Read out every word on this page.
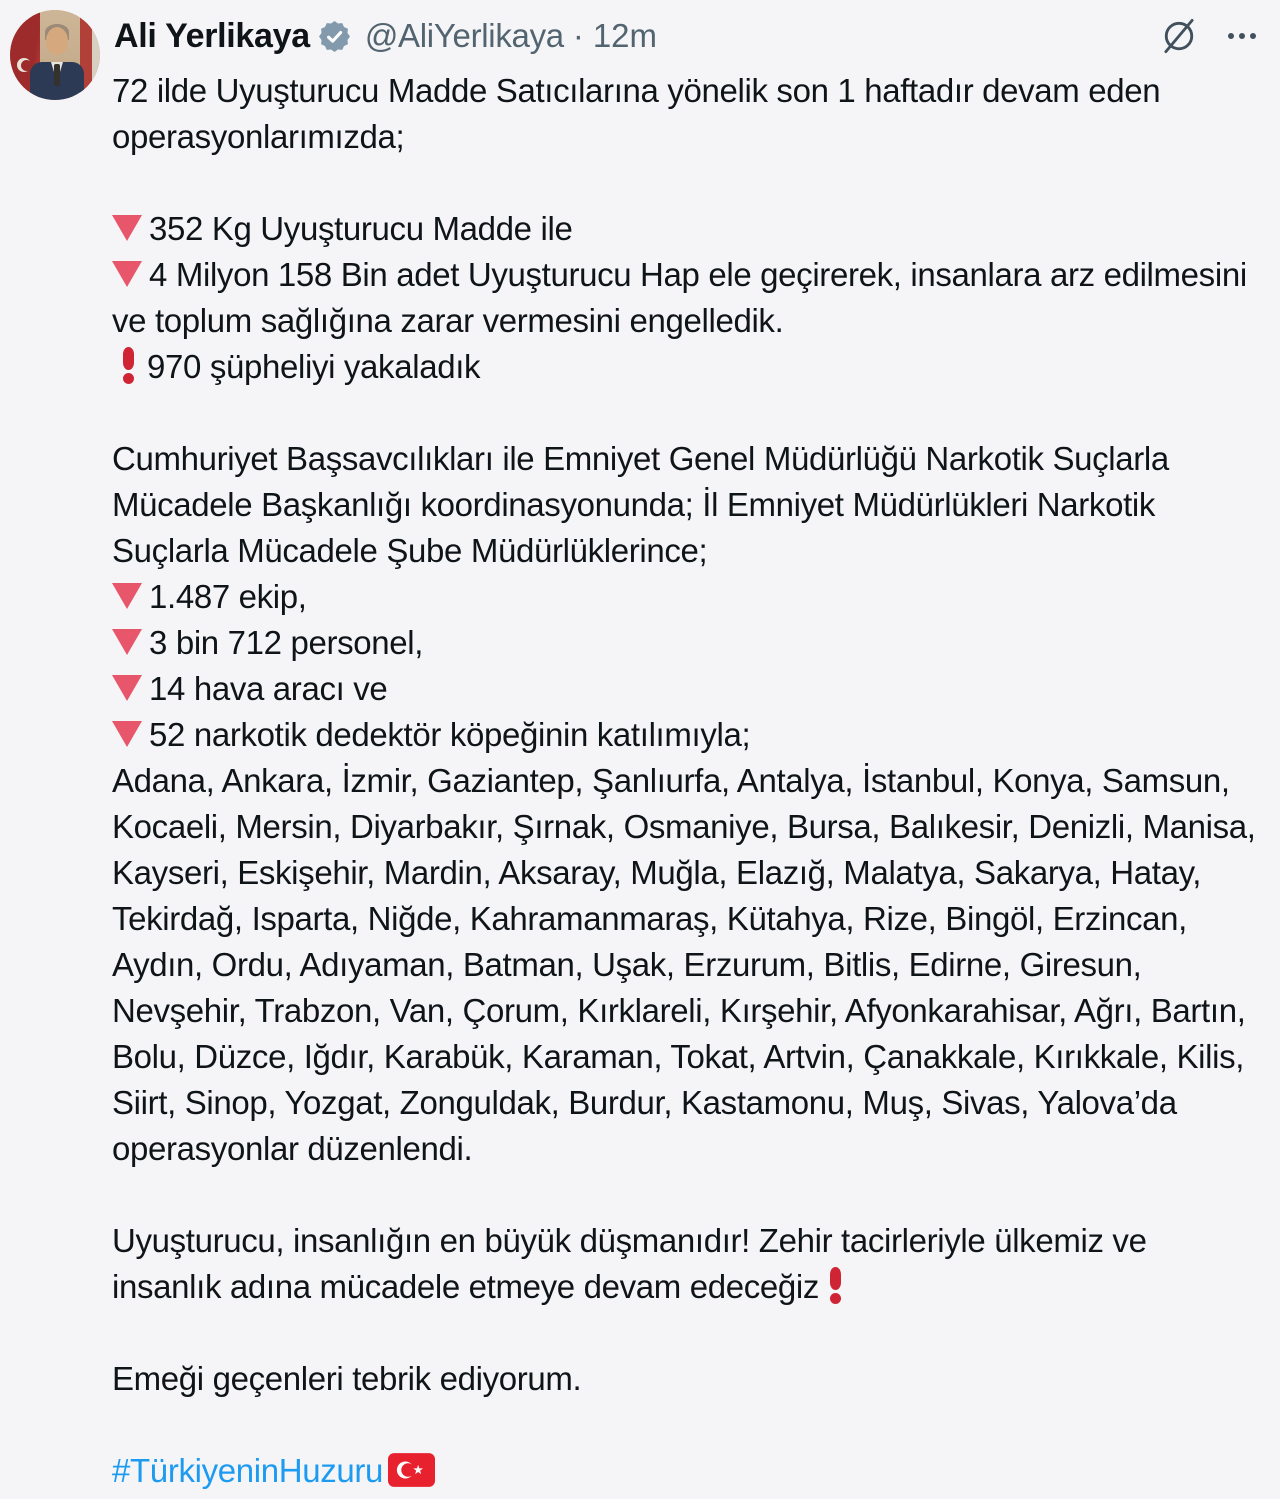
Ali Yerlikaya @AliYerlikaya · 12m
72 ilde Uyuşturucu Madde Satıcılarına yönelik son 1 haftadır devam eden operasyonlarımızda;
352 Kg Uyuşturucu Madde ile
4 Milyon 158 Bin adet Uyuşturucu Hap ele geçirerek, insanlara arz edilmesini ve toplum sağlığına zarar vermesini engelledik.
970 şüpheliyi yakaladık
Cumhuriyet Başsavcılıkları ile Emniyet Genel Müdürlüğü Narkotik Suçlarla Mücadele Başkanlığı koordinasyonunda; İl Emniyet Müdürlükleri Narkotik Suçlarla Mücadele Şube Müdürlüklerince;
1.487 ekip,
3 bin 712 personel,
14 hava aracı ve
52 narkotik dedektör köpeğinin katılımıyla;
Adana, Ankara, İzmir, Gaziantep, Şanlıurfa, Antalya, İstanbul, Konya, Samsun, Kocaeli, Mersin, Diyarbakır, Şırnak, Osmaniye, Bursa, Balıkesir, Denizli, Manisa, Kayseri, Eskişehir, Mardin, Aksaray, Muğla, Elazığ, Malatya, Sakarya, Hatay, Tekirdağ, Isparta, Niğde, Kahramanmaraş, Kütahya, Rize, Bingöl, Erzincan, Aydın, Ordu, Adıyaman, Batman, Uşak, Erzurum, Bitlis, Edirne, Giresun, Nevşehir, Trabzon, Van, Çorum, Kırklareli, Kırşehir, Afyonkarahisar, Ağrı, Bartın, Bolu, Düzce, Iğdır, Karabük, Karaman, Tokat, Artvin, Çanakkale, Kırıkkale, Kilis, Siirt, Sinop, Yozgat, Zonguldak, Burdur, Kastamonu, Muş, Sivas, Yalova’da operasyonlar düzenlendi.
Uyuşturucu, insanlığın en büyük düşmanıdır! Zehir tacirleriyle ülkemiz ve insanlık adına mücadele etmeye devam edeceğiz
Emeği geçenleri tebrik ediyorum.
#TürkiyeninHuzuru
